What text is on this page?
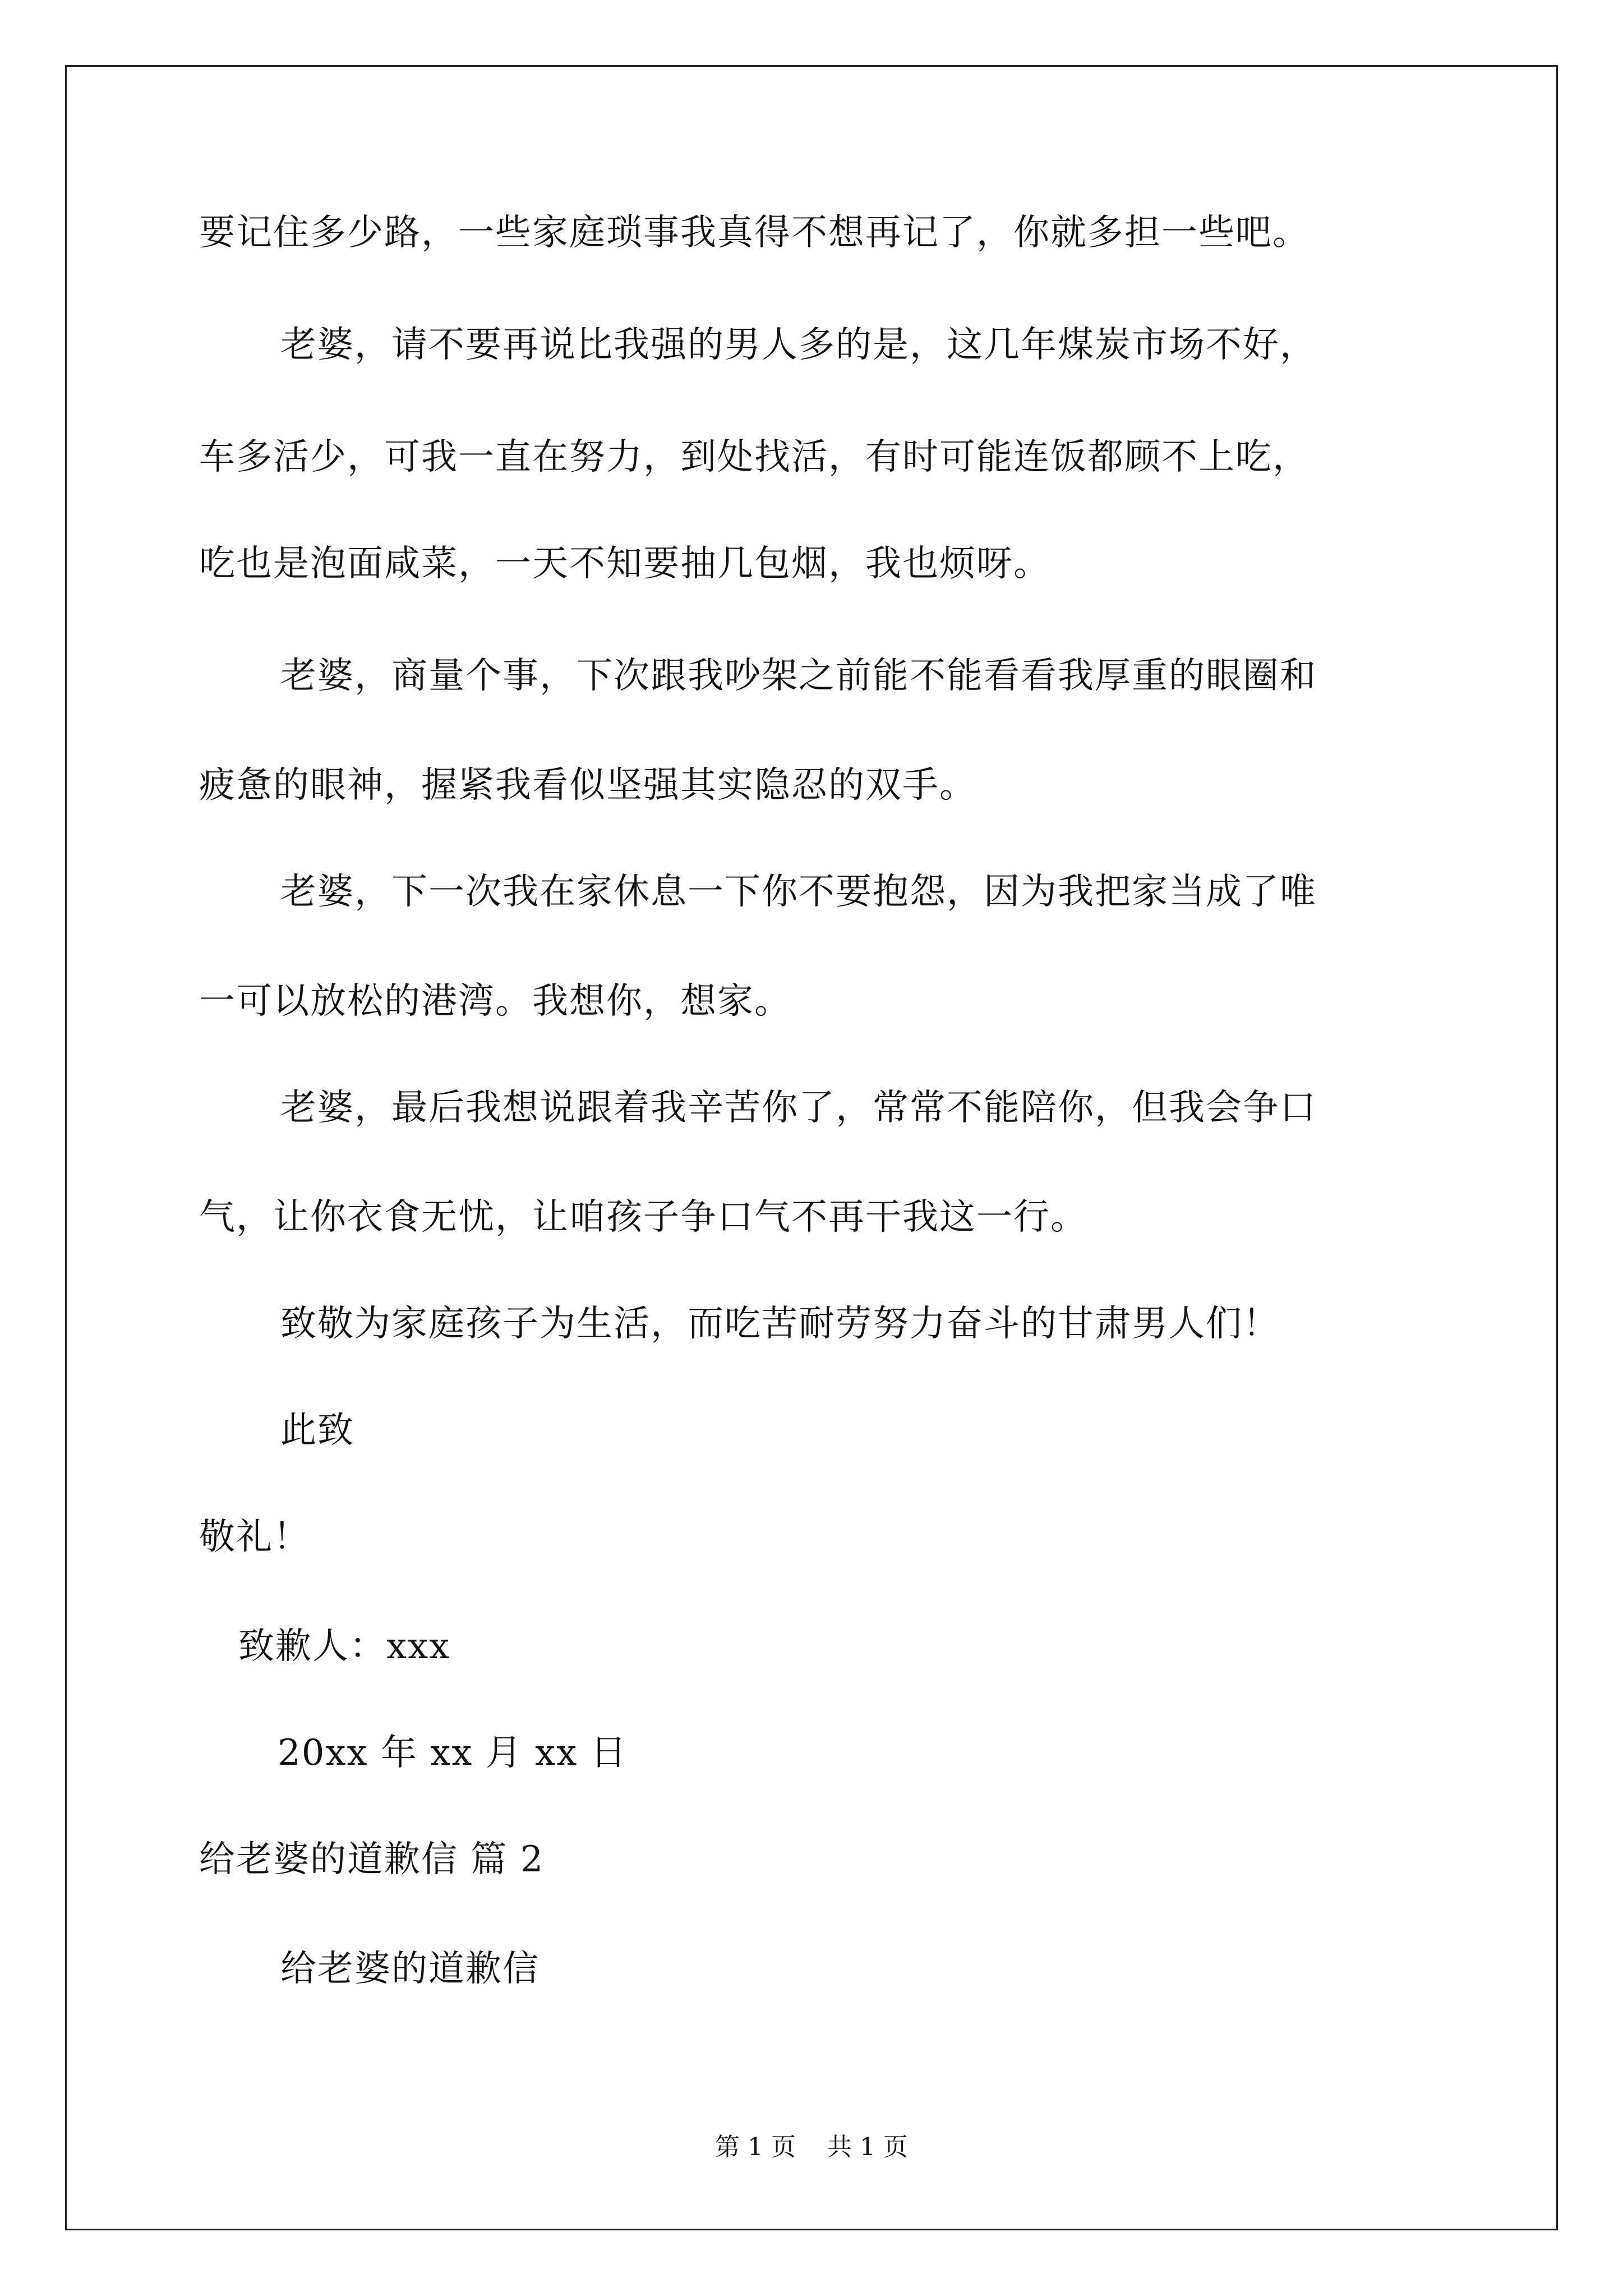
要记住多少路，一些家庭琐事我真得不想再记了，你就多担一些吧。
老婆，请不要再说比我强的男人多的是，这几年煤炭市场不好，
车多活少，可我一直在努力，到处找活，有时可能连饭都顾不上吃，
吃也是泡面咸菜，一天不知要抽几包烟，我也烦呀。
老婆，商量个事，下次跟我吵架之前能不能看看我厚重的眼圈和
疲惫的眼神，握紧我看似坚强其实隐忍的双手。
老婆，下一次我在家休息一下你不要抱怨，因为我把家当成了唯
一可以放松的港湾。我想你，想家。
老婆，最后我想说跟着我辛苦你了，常常不能陪你，但我会争口
气，让你衣食无忧，让咱孩子争口气不再干我这一行。
致敬为家庭孩子为生活，而吃苦耐劳努力奋斗的甘肃男人们！
此致
敬礼！
致歉人：xxx
20xx 年 xx 月 xx 日
给老婆的道歉信 篇 2
给老婆的道歉信
第 1 页    共 1 页
